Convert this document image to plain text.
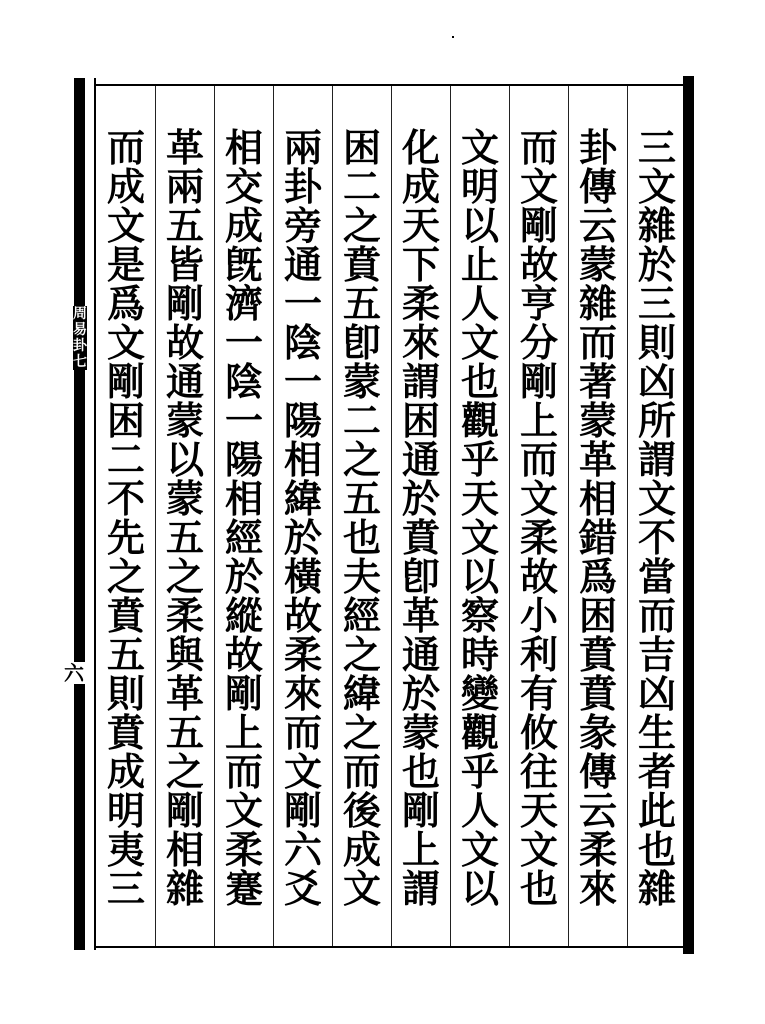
三文雜於三則凶所謂文不當而吉凶生者此也雜
卦傳云蒙雜而著蒙革相錯爲困賁賁彖傳云柔來
而文剛故亨分剛上而文柔故小利有攸往天文也
文明以止人文也觀乎天文以察時變觀乎人文以
化成天下柔來謂困通於賁卽革通於蒙也剛上謂
困二之賁五卽蒙二之五也夫經之緯之而後成文
兩卦旁通一陰一陽相緯於橫故柔來而文剛六爻
相交成旣濟一陰一陽相經於縱故剛上而文柔蹇
革兩五皆剛故通蒙以蒙五之柔與革五之剛相雜
而成文是爲文剛困二不先之賁五則賁成明夷三
周易卦七
六
